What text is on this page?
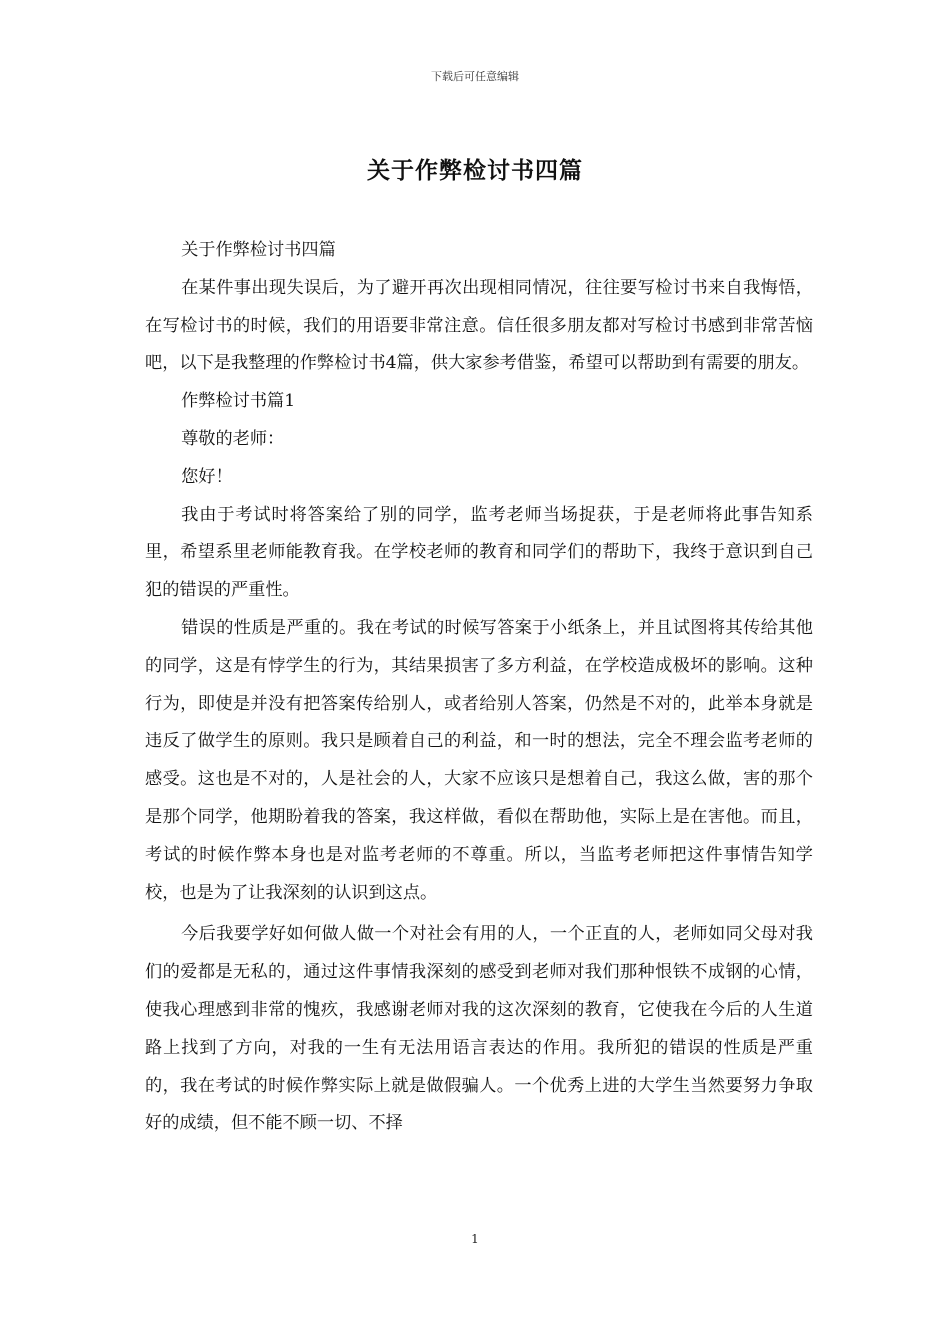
下载后可任意编辑
关于作弊检讨书四篇

关于作弊检讨书四篇

在某件事出现失误后，为了避开再次出现相同情况，往往要写检讨书来自我悔悟，在写检讨书的时候，我们的用语要非常注意。信任很多朋友都对写检讨书感到非常苦恼吧，以下是我整理的作弊检讨书4篇，供大家参考借鉴，希望可以帮助到有需要的朋友。

作弊检讨书篇1

尊敬的老师：

您好！

我由于考试时将答案给了别的同学，监考老师当场捉获，于是老师将此事告知系里，希望系里老师能教育我。在学校老师的教育和同学们的帮助下，我终于意识到自己犯的错误的严重性。

错误的性质是严重的。我在考试的时候写答案于小纸条上，并且试图将其传给其他的同学，这是有悖学生的行为，其结果损害了多方利益，在学校造成极坏的影响。这种行为，即使是并没有把答案传给别人，或者给别人答案，仍然是不对的，此举本身就是违反了做学生的原则。我只是顾着自己的利益，和一时的想法，完全不理会监考老师的感受。这也是不对的，人是社会的人，大家不应该只是想着自己，我这么做，害的那个是那个同学，他期盼着我的答案，我这样做，看似在帮助他，实际上是在害他。而且，考试的时候作弊本身也是对监考老师的不尊重。所以，当监考老师把这件事情告知学校，也是为了让我深刻的认识到这点。

今后我要学好如何做人做一个对社会有用的人，一个正直的人，老师如同父母对我们的爱都是无私的，通过这件事情我深刻的感受到老师对我们那种恨铁不成钢的心情，使我心理感到非常的愧疚，我感谢老师对我的这次深刻的教育，它使我在今后的人生道路上找到了方向，对我的一生有无法用语言表达的作用。我所犯的错误的性质是严重的，我在考试的时候作弊实际上就是做假骗人。一个优秀上进的大学生当然要努力争取好的成绩，但不能不顾一切、不择

1
